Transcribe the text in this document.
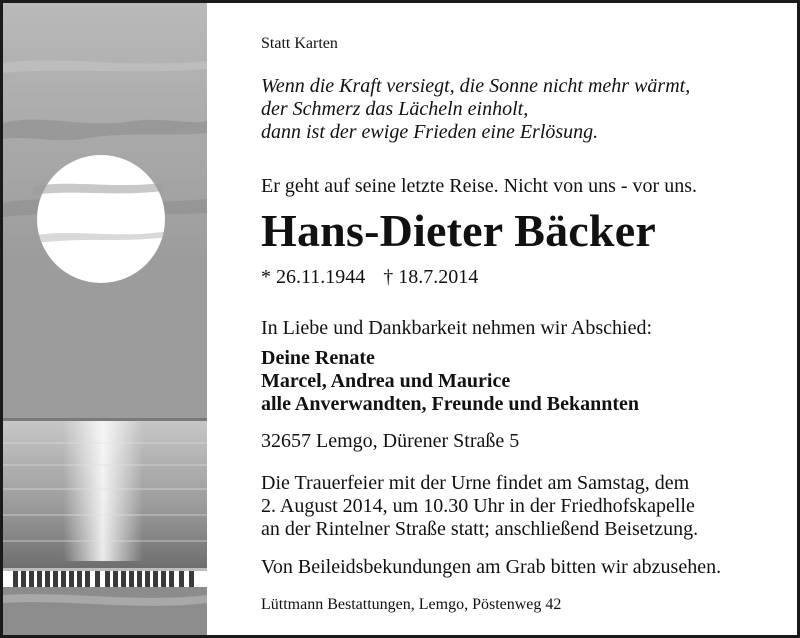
Statt Karten
Wenn die Kraft versiegt, die Sonne nicht mehr wärmt,
der Schmerz das Lächeln einholt,
dann ist der ewige Frieden eine Erlösung.
Er geht auf seine letzte Reise. Nicht von uns - vor uns.
Hans-Dieter Bäcker
* 26.11.1944 † 18.7.2014
In Liebe und Dankbarkeit nehmen wir Abschied:
Deine Renate
Marcel, Andrea und Maurice
alle Anverwandten, Freunde und Bekannten
32657 Lemgo, Dürener Straße 5
Die Trauerfeier mit der Urne findet am Samstag, dem
2. August 2014, um 10.30 Uhr in der Friedhofskapelle
an der Rintelner Straße statt; anschließend Beisetzung.
Von Beileidsbekundungen am Grab bitten wir abzusehen.
Lüttmann Bestattungen, Lemgo, Pöstenweg 42
